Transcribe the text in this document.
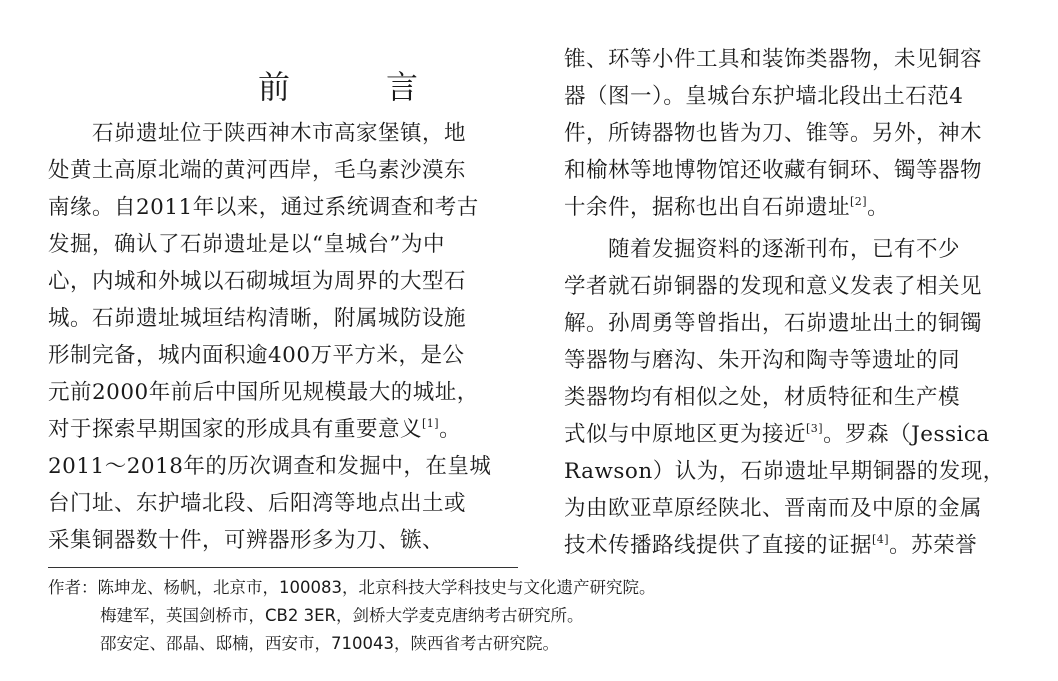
前	言
　　石峁遗址位于陕西神木市高家堡镇，地
处黄土高原北端的黄河西岸，毛乌素沙漠东
南缘。自2011年以来，通过系统调查和考古
发掘，确认了石峁遗址是以“皇城台”为中
心，内城和外城以石砌城垣为周界的大型石
城。石峁遗址城垣结构清晰，附属城防设施
形制完备，城内面积逾400万平方米，是公
元前2000年前后中国所见规模最大的城址，
对于探索早期国家的形成具有重要意义[1]。
2011～2018年的历次调查和发掘中，在皇城
台门址、东护墙北段、后阳湾等地点出土或
采集铜器数十件，可辨器形多为刀、镞、
锥、环等小件工具和装饰类器物，未见铜容
器（图一）。皇城台东护墙北段出土石范4
件，所铸器物也皆为刀、锥等。另外，神木
和榆林等地博物馆还收藏有铜环、镯等器物
十余件，据称也出自石峁遗址[2]。
　　随着发掘资料的逐渐刊布，已有不少
学者就石峁铜器的发现和意义发表了相关见
解。孙周勇等曾指出，石峁遗址出土的铜镯
等器物与磨沟、朱开沟和陶寺等遗址的同
类器物均有相似之处，材质特征和生产模
式似与中原地区更为接近[3]。罗森（Jessica
Rawson）认为，石峁遗址早期铜器的发现，
为由欧亚草原经陕北、晋南而及中原的金属
技术传播路线提供了直接的证据[4]。苏荣誉
作者：陈坤龙、杨帆，北京市，100083，北京科技大学科技史与文化遗产研究院。
梅建军，英国剑桥市，CB2 3ER，剑桥大学麦克唐纳考古研究所。
邵安定、邵晶、邸楠，西安市，710043，陕西省考古研究院。
